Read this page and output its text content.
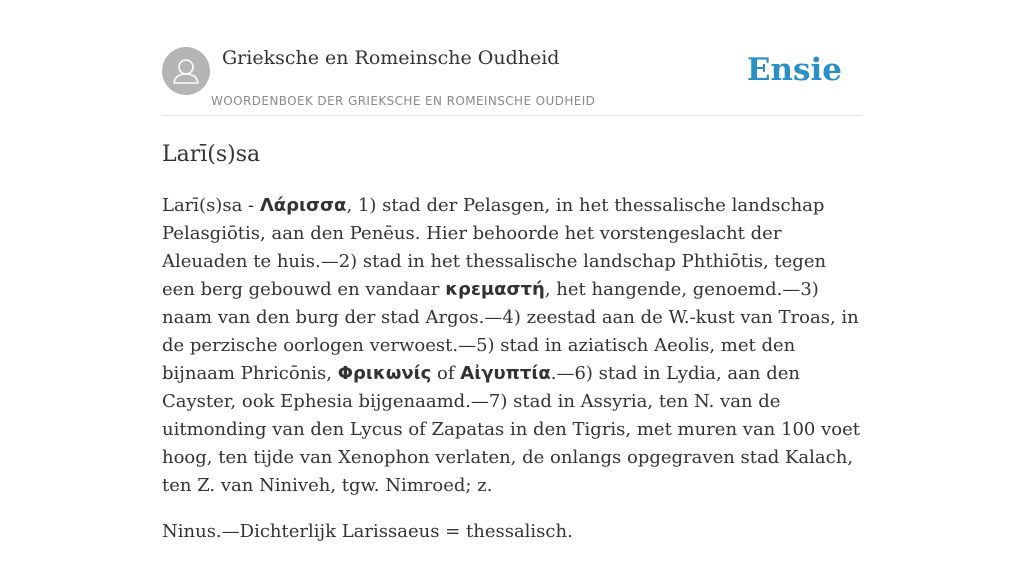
Grieksche en Romeinsche Oudheid
WOORDENBOEK DER GRIEKSCHE EN ROMEINSCHE OUDHEID
Ensie
Larī(s)sa

Larī(s)sa - Λάρισσα, 1) stad der Pelasgen, in het thessalische landschap Pelasgiōtis, aan den Penēus. Hier behoorde het vorstengeslacht der Aleuaden te huis.—2) stad in het thessalische landschap Phthiōtis, tegen een berg gebouwd en vandaar κρεμαστή, het hangende, genoemd.—3) naam van den burg der stad Argos.—4) zeestad aan de W.-kust van Troas, in de perzische oorlogen verwoest.—5) stad in aziatisch Aeolis, met den bijnaam Phricōnis, Φρικωνίς of Αἰγυπτία.—6) stad in Lydia, aan den Cayster, ook Ephesia bijgenaamd.—7) stad in Assyria, ten N. van de uitmonding van den Lycus of Zapatas in den Tigris, met muren van 100 voet hoog, ten tijde van Xenophon verlaten, de onlangs opgegraven stad Kalach, ten Z. van Niniveh, tgw. Nimroed; z.

Ninus.—Dichterlijk Larissaeus = thessalisch.
